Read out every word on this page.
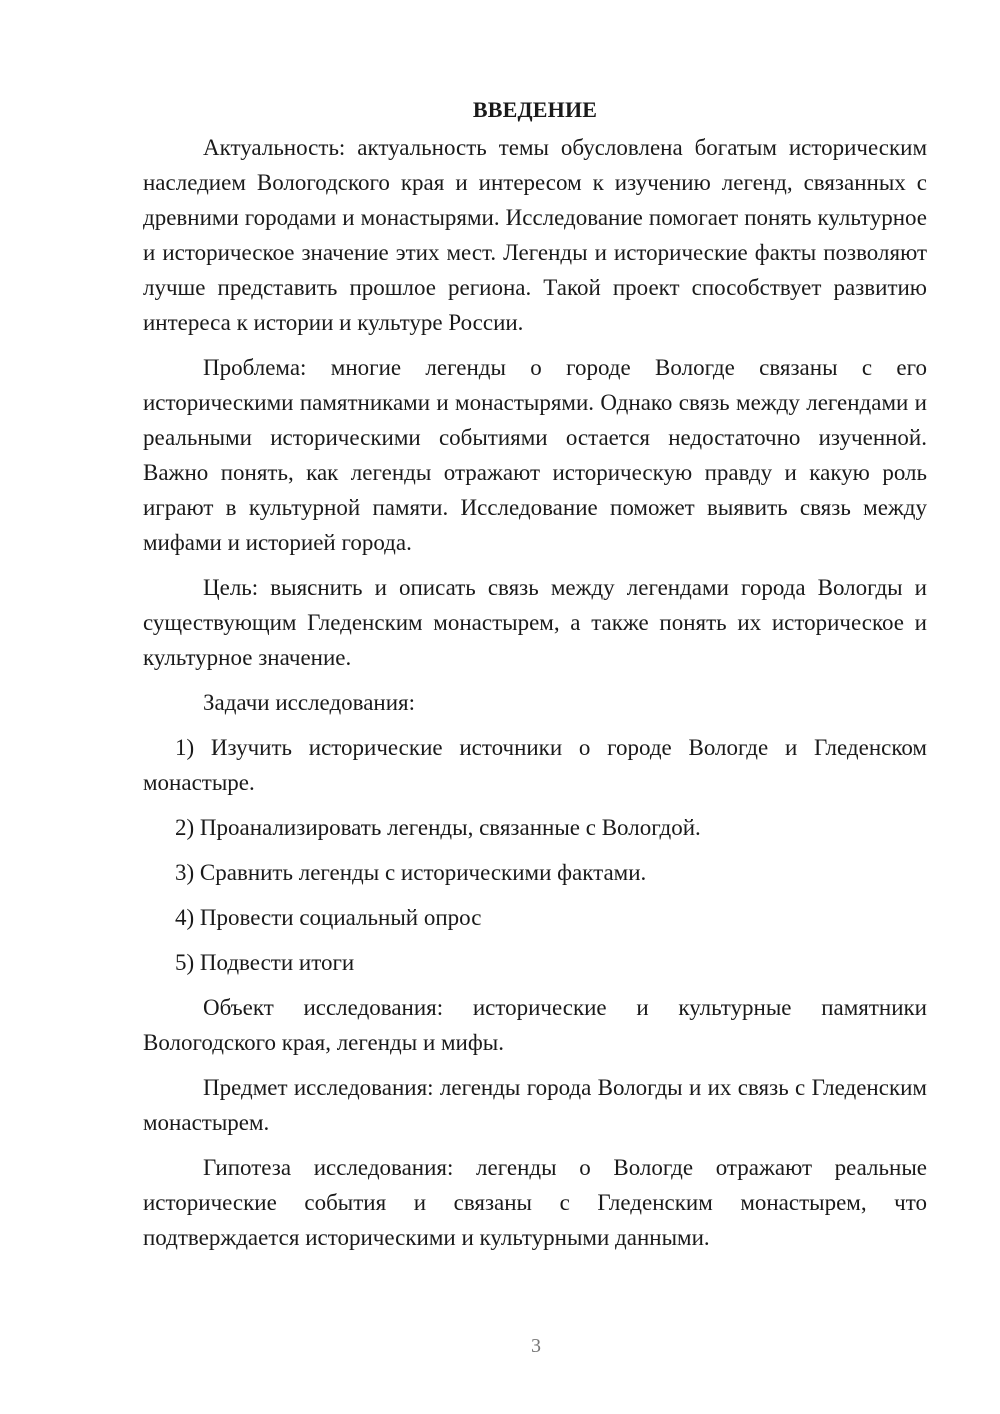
ВВЕДЕНИЕ

Актуальность: актуальность темы обусловлена богатым историческим наследием Вологодского края и интересом к изучению легенд, связанных с древними городами и монастырями. Исследование помогает понять культурное и историческое значение этих мест. Легенды и исторические факты позволяют лучше представить прошлое региона. Такой проект способствует развитию интереса к истории и культуре России.

Проблема: многие легенды о городе Вологде связаны с его историческими памятниками и монастырями. Однако связь между легендами и реальными историческими событиями остается недостаточно изученной. Важно понять, как легенды отражают историческую правду и какую роль играют в культурной памяти. Исследование поможет выявить связь между мифами и историей города.

Цель: выяснить и описать связь между легендами города Вологды и существующим Гледенским монастырем, а также понять их историческое и культурное значение.

Задачи исследования:

1) Изучить исторические источники о городе Вологде и Гледенском монастыре.

2) Проанализировать легенды, связанные с Вологдой.

3) Сравнить легенды с историческими фактами.

4) Провести социальный опрос

5) Подвести итоги

Объект исследования: исторические и культурные памятники Вологодского края, легенды и мифы.

Предмет исследования: легенды города Вологды и их связь с Гледенским монастырем.

Гипотеза исследования: легенды о Вологде отражают реальные исторические события и связаны с Гледенским монастырем, что подтверждается историческими и культурными данными.

3
